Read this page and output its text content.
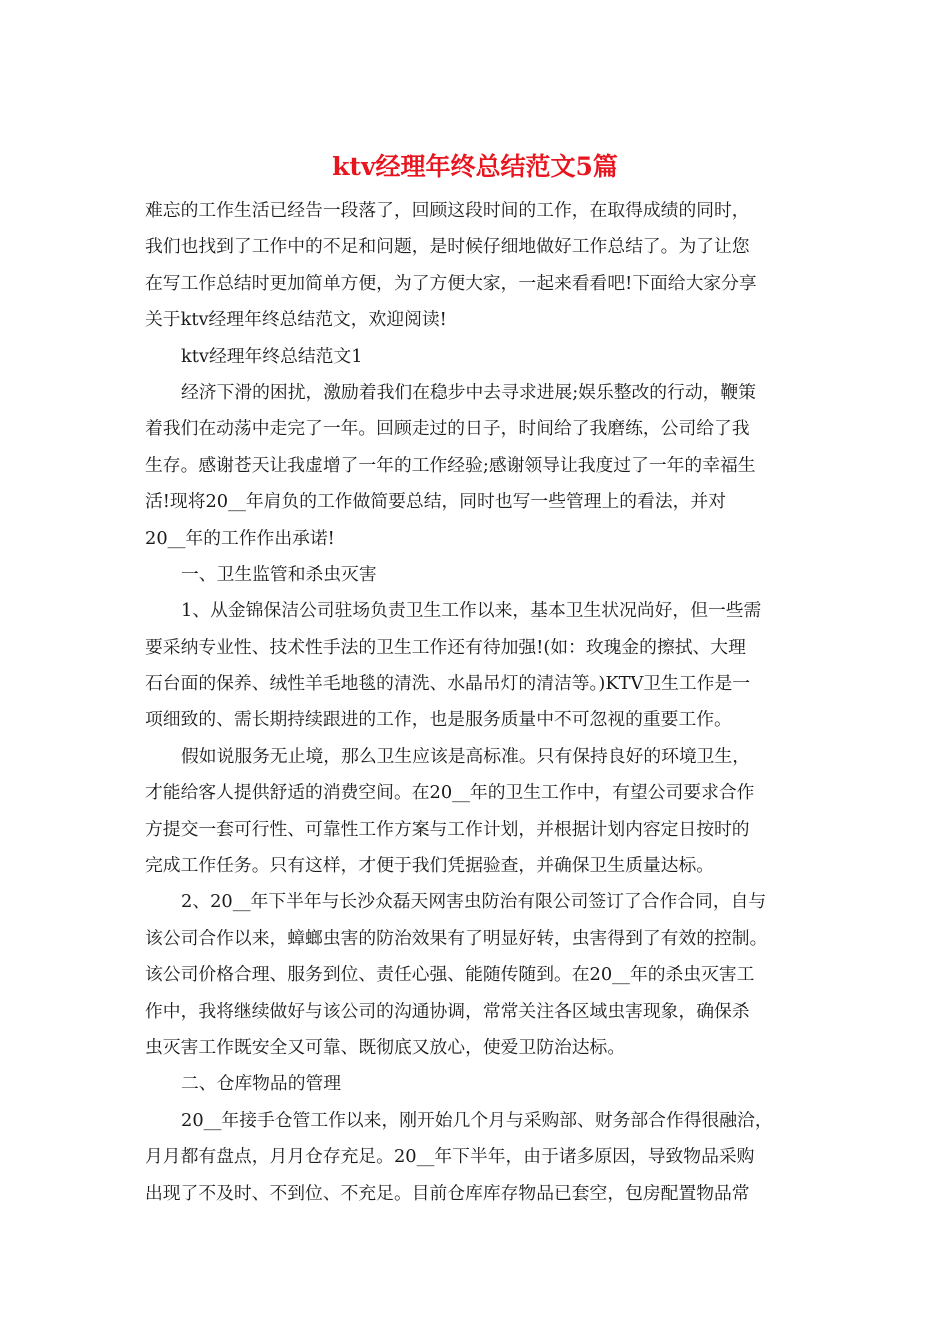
ktv经理年终总结范文5篇

难忘的工作生活已经告一段落了，回顾这段时间的工作，在取得成绩的同时，

我们也找到了工作中的不足和问题，是时候仔细地做好工作总结了。为了让您

在写工作总结时更加简单方便，为了方便大家，一起来看看吧!下面给大家分享

关于ktv经理年终总结范文，欢迎阅读!

ktv经理年终总结范文1

经济下滑的困扰，激励着我们在稳步中去寻求进展;娱乐整改的行动，鞭策

着我们在动荡中走完了一年。回顾走过的日子，时间给了我磨练，公司给了我

生存。感谢苍天让我虚增了一年的工作经验;感谢领导让我度过了一年的幸福生

活!现将20__年肩负的工作做简要总结，同时也写一些管理上的看法，并对

20__年的工作作出承诺!

一、卫生监管和杀虫灭害

1、从金锦保洁公司驻场负责卫生工作以来，基本卫生状况尚好，但一些需

要采纳专业性、技术性手法的卫生工作还有待加强!(如：玫瑰金的擦拭、大理

石台面的保养、绒性羊毛地毯的清洗、水晶吊灯的清洁等。)KTV卫生工作是一

项细致的、需长期持续跟进的工作，也是服务质量中不可忽视的重要工作。

假如说服务无止境，那么卫生应该是高标准。只有保持良好的环境卫生，

才能给客人提供舒适的消费空间。在20__年的卫生工作中，有望公司要求合作

方提交一套可行性、可靠性工作方案与工作计划，并根据计划内容定日按时的

完成工作任务。只有这样，才便于我们凭据验查，并确保卫生质量达标。

2、20__年下半年与长沙众磊天网害虫防治有限公司签订了合作合同，自与

该公司合作以来，蟑螂虫害的防治效果有了明显好转，虫害得到了有效的控制。

该公司价格合理、服务到位、责任心强、能随传随到。在20__年的杀虫灭害工

作中，我将继续做好与该公司的沟通协调，常常关注各区域虫害现象，确保杀

虫灭害工作既安全又可靠、既彻底又放心，使爱卫防治达标。

二、仓库物品的管理

20__年接手仓管工作以来，刚开始几个月与采购部、财务部合作得很融洽，

月月都有盘点，月月仓存充足。20__年下半年，由于诸多原因，导致物品采购

出现了不及时、不到位、不充足。目前仓库库存物品已套空，包房配置物品常
